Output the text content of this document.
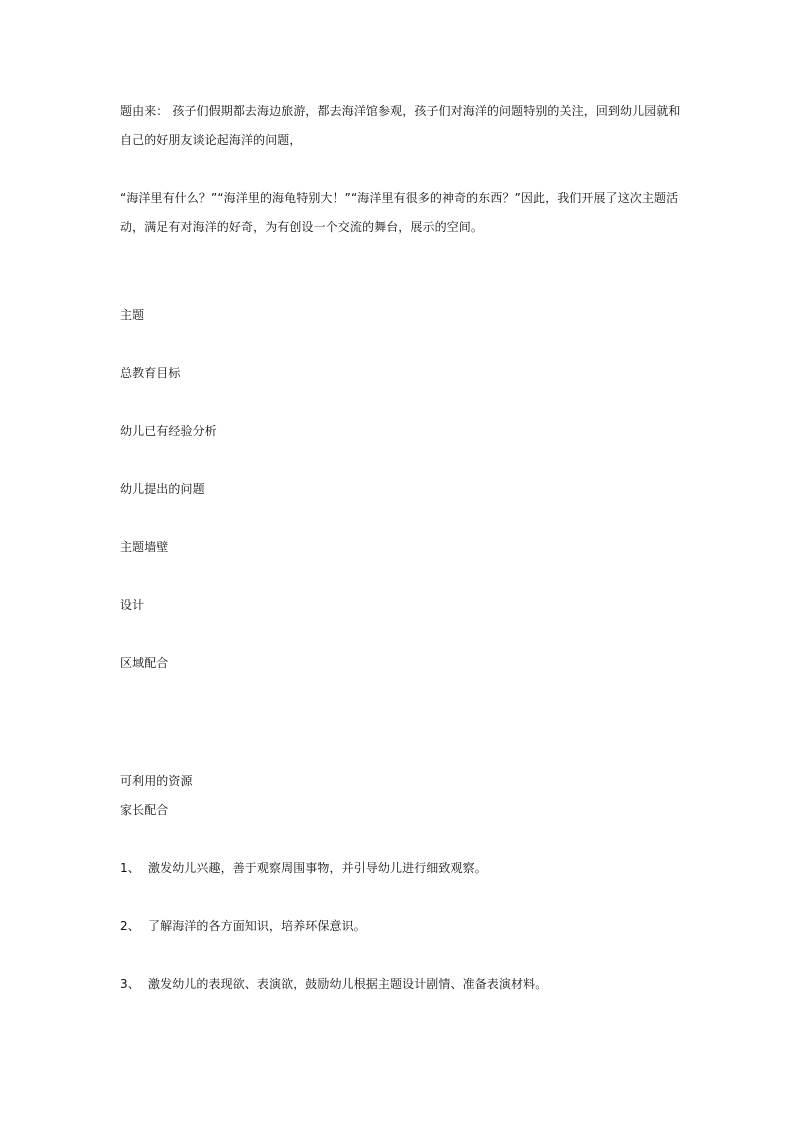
题由来： 孩子们假期都去海边旅游，都去海洋馆参观，孩子们对海洋的问题特别的关注，回到幼儿园就和
自己的好朋友谈论起海洋的问题，
“海洋里有什么？”“海洋里的海龟特别大！”“海洋里有很多的神奇的东西？”因此，我们开展了这次主题活
动，满足有对海洋的好奇，为有创设一个交流的舞台，展示的空间。
主题
总教育目标
幼儿已有经验分析
幼儿提出的问题
主题墙壁
设计
区域配合
可利用的资源
家长配合
1、 激发幼儿兴趣，善于观察周围事物，并引导幼儿进行细致观察。
2、 了解海洋的各方面知识，培养环保意识。
3、 激发幼儿的表现欲、表演欲，鼓励幼儿根据主题设计剧情、准备表演材料。
